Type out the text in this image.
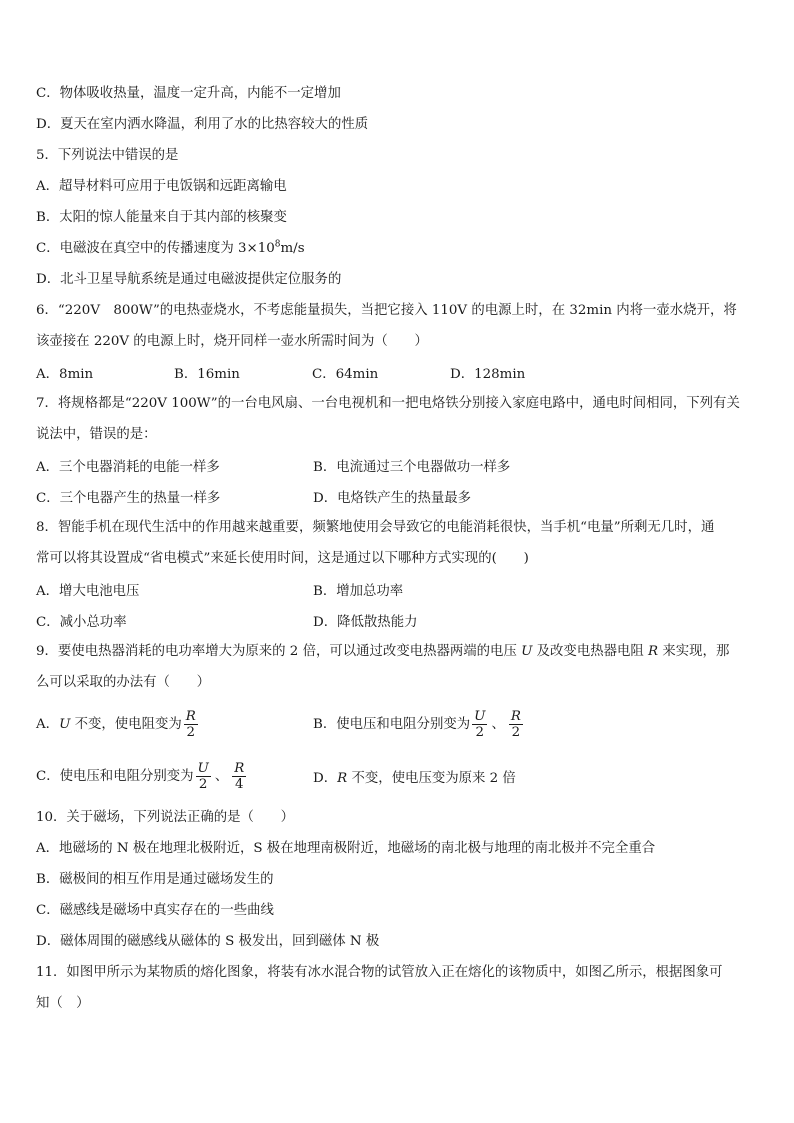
C．物体吸收热量，温度一定升高，内能不一定增加
D．夏天在室内洒水降温，利用了水的比热容较大的性质
5．下列说法中错误的是
A．超导材料可应用于电饭锅和远距离输电
B．太阳的惊人能量来自于其内部的核聚变
C．电磁波在真空中的传播速度为 $3\times 10^8m/s$
D．北斗卫星导航系统是通过电磁波提供定位服务的
6．“220V　800W”的电热壶烧水，不考虑能量损失，当把它接入 110V 的电源上时，在 32min 内将一壶水烧开，将
该壶接在 220V 的电源上时，烧开同样一壶水所需时间为（　　）
A．8min	B．16min	C．64min	D．128min
7．将规格都是“220V 100W”的一台电风扇、一台电视机和一把电烙铁分别接入家庭电路中，通电时间相同，下列有关
说法中，错误的是：
A．三个电器消耗的电能一样多	B．电流通过三个电器做功一样多
C．三个电器产生的热量一样多	D．电烙铁产生的热量最多
8．智能手机在现代生活中的作用越来越重要，频繁地使用会导致它的电能消耗很快，当手机“电量”所剩无几时，通
常可以将其设置成“省电模式”来延长使用时间，这是通过以下哪种方式实现的(　　)
A．增大电池电压	B．增加总功率
C．减小总功率	D．降低散热能力
9．要使电热器消耗的电功率增大为原来的 2 倍，可以通过改变电热器两端的电压 U 及改变电热器电阻 R 来实现，那
么可以采取的办法有（　　）
A．U 不变，使电阻变为 $\frac{R}{2}$	B．使电压和电阻分别变为 $\frac{U}{2}$ 、 $\frac{R}{2}$
C．使电压和电阻分别变为 $\frac{U}{2}$ 、 $\frac{R}{4}$	D．R 不变，使电压变为原来 2 倍
10．关于磁场，下列说法正确的是（　　）
A．地磁场的 N 极在地理北极附近，S 极在地理南极附近，地磁场的南北极与地理的南北极并不完全重合
B．磁极间的相互作用是通过磁场发生的
C．磁感线是磁场中真实存在的一些曲线
D．磁体周围的磁感线从磁体的 S 极发出，回到磁体 N 极
11．如图甲所示为某物质的熔化图象，将装有冰水混合物的试管放入正在熔化的该物质中，如图乙所示，根据图象可
知（　）
